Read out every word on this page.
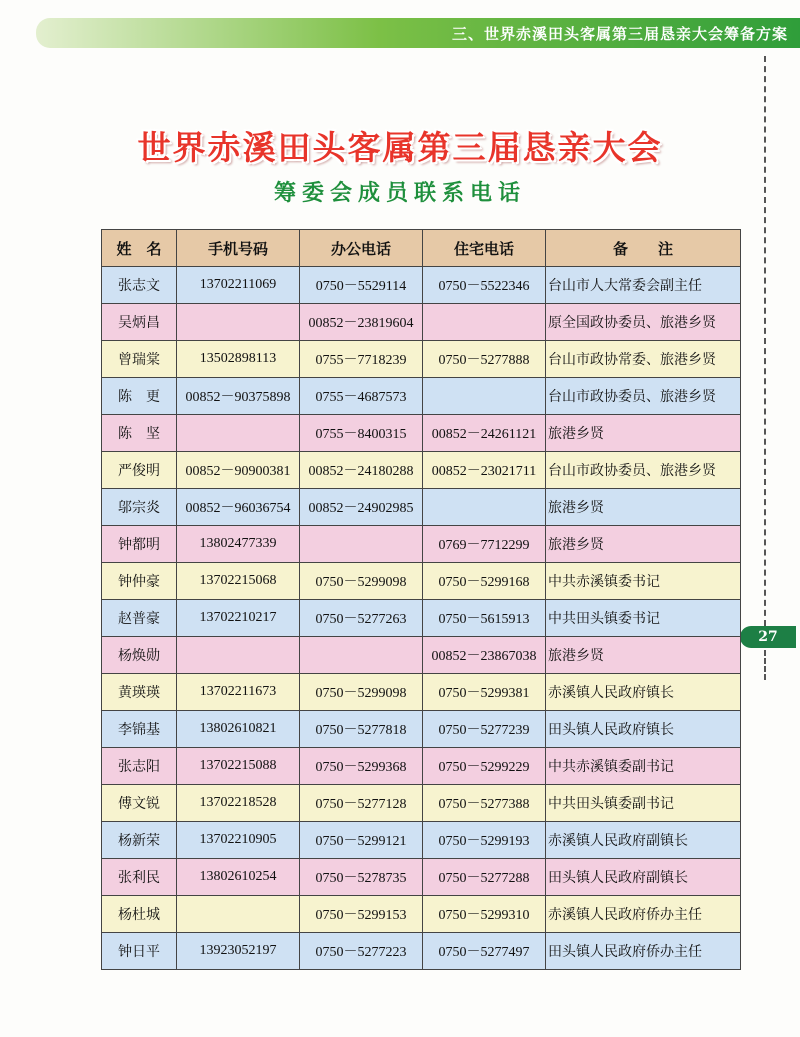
三、世界赤溪田头客属第三届恳亲大会筹备方案
27
世界赤溪田头客属第三届恳亲大会
筹委会成员联系电话
姓　名	手机号码	办公电话	住宅电话	备　　注
张志文	13702211069	0750－5529114	0750－5522346	台山市人大常委会副主任
吴炳昌		00852－23819604		原全国政协委员、旅港乡贤
曾瑞棠	13502898113	0755－7718239	0750－5277888	台山市政协常委、旅港乡贤
陈　更	00852－90375898	0755－4687573		台山市政协委员、旅港乡贤
陈　坚		0755－8400315	00852－24261121	旅港乡贤
严俊明	00852－90900381	00852－24180288	00852－23021711	台山市政协委员、旅港乡贤
邬宗炎	00852－96036754	00852－24902985		旅港乡贤
钟都明	13802477339		0769－7712299	旅港乡贤
钟仲豪	13702215068	0750－5299098	0750－5299168	中共赤溪镇委书记
赵普豪	13702210217	0750－5277263	0750－5615913	中共田头镇委书记
杨焕勋			00852－23867038	旅港乡贤
黄瑛瑛	13702211673	0750－5299098	0750－5299381	赤溪镇人民政府镇长
李锦基	13802610821	0750－5277818	0750－5277239	田头镇人民政府镇长
张志阳	13702215088	0750－5299368	0750－5299229	中共赤溪镇委副书记
傅文锐	13702218528	0750－5277128	0750－5277388	中共田头镇委副书记
杨新荣	13702210905	0750－5299121	0750－5299193	赤溪镇人民政府副镇长
张利民	13802610254	0750－5278735	0750－5277288	田头镇人民政府副镇长
杨杜城		0750－5299153	0750－5299310	赤溪镇人民政府侨办主任
钟日平	13923052197	0750－5277223	0750－5277497	田头镇人民政府侨办主任
